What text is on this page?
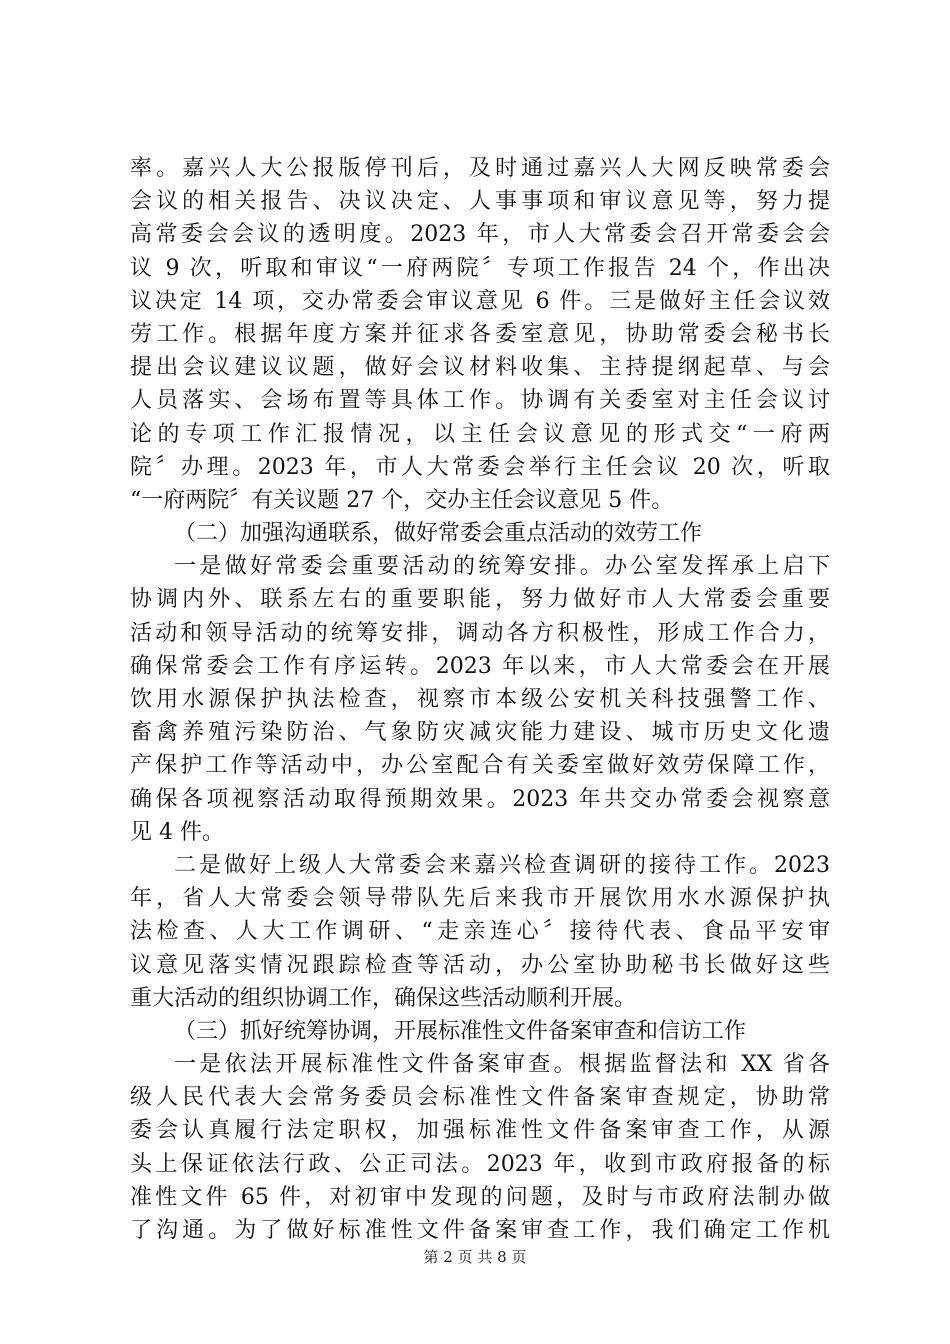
率。嘉兴人大公报版停刊后，及时通过嘉兴人大网反映常委会
会议的相关报告、决议决定、人事事项和审议意见等，努力提
高常委会会议的透明度。2023 年，市人大常委会召开常委会会
议 9 次，听取和审议“一府两院〞专项工作报告 24 个，作出决
议决定 14 项，交办常委会审议意见 6 件。三是做好主任会议效
劳工作。根据年度方案并征求各委室意见，协助常委会秘书长
提出会议建议议题，做好会议材料收集、主持提纲起草、与会
人员落实、会场布置等具体工作。协调有关委室对主任会议讨
论的专项工作汇报情况，以主任会议意见的形式交“一府两
院〞办理。2023 年，市人大常委会举行主任会议 20 次，听取
“一府两院〞有关议题 27 个，交办主任会议意见 5 件。
（二）加强沟通联系，做好常委会重点活动的效劳工作
一是做好常委会重要活动的统筹安排。办公室发挥承上启下
协调内外、联系左右的重要职能，努力做好市人大常委会重要
活动和领导活动的统筹安排，调动各方积极性，形成工作合力，
确保常委会工作有序运转。2023 年以来，市人大常委会在开展
饮用水源保护执法检查，视察市本级公安机关科技强警工作、
畜禽养殖污染防治、气象防灾减灾能力建设、城市历史文化遗
产保护工作等活动中，办公室配合有关委室做好效劳保障工作，
确保各项视察活动取得预期效果。2023 年共交办常委会视察意
见 4 件。
二是做好上级人大常委会来嘉兴检查调研的接待工作。2023
年，省人大常委会领导带队先后来我市开展饮用水水源保护执
法检查、人大工作调研、“走亲连心〞接待代表、食品平安审
议意见落实情况跟踪检查等活动，办公室协助秘书长做好这些
重大活动的组织协调工作，确保这些活动顺利开展。
（三）抓好统筹协调，开展标准性文件备案审查和信访工作
一是依法开展标准性文件备案审查。根据监督法和 XX 省各
级人民代表大会常务委员会标准性文件备案审查规定，协助常
委会认真履行法定职权，加强标准性文件备案审查工作，从源
头上保证依法行政、公正司法。2023 年，收到市政府报备的标
准性文件 65 件，对初审中发现的问题，及时与市政府法制办做
了沟通。为了做好标准性文件备案审查工作，我们确定工作机
第 2 页 共 8 页
